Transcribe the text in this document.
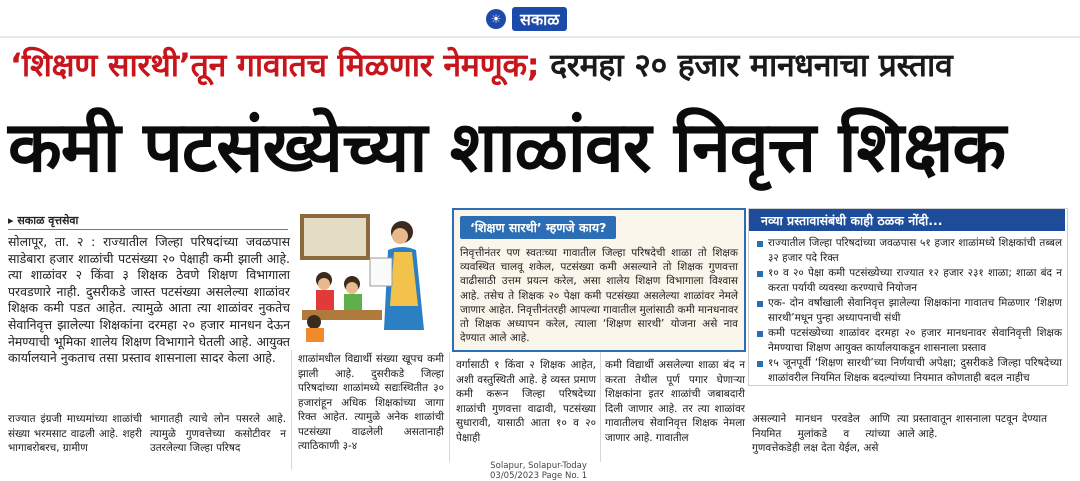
☀	सकाळ
‘शिक्षण सारथी’तून गावातच मिळणार नेमणूक; दरमहा २० हजार मानधनाचा प्रस्ताव
कमी पटसंख्येच्या शाळांवर निवृत्त शिक्षक
▸ सकाळ वृत्तसेवा
सोलापूर, ता. २ : राज्यातील जिल्हा परिषदांच्या जवळपास साडेबारा हजार शाळांची पटसंख्या २० पेक्षाही कमी झाली आहे. त्या शाळांवर २ किंवा ३ शिक्षक ठेवणे शिक्षण विभागाला परवडणारे नाही. दुसरीकडे जास्त पटसंख्या असलेल्या शाळांवर शिक्षक कमी पडत आहेत. त्यामुळे आता त्या शाळांवर नुकतेच सेवानिवृत्त झालेल्या शिक्षकांना दरमहा २० हजार मानधन देऊन नेमण्याची भूमिका शालेय शिक्षण विभागाने घेतली आहे. आयुक्त कार्यालयाने नुकताच तसा प्रस्ताव शासनाला सादर केला आहे.
‘शिक्षण सारथी’ म्हणजे काय?
निवृत्तीनंतर पण स्वतःच्या गावातील जिल्हा परिषदेची शाळा तो शिक्षक व्यवस्थित चालवू शकेल, पटसंख्या कमी असल्याने तो शिक्षक गुणवत्ता वाढीसाठी उत्तम प्रयत्न करेल, असा शालेय शिक्षण विभागाला विश्वास आहे. तसेच ते शिक्षक २० पेक्षा कमी पटसंख्या असलेल्या शाळांवर नेमले जाणार आहेत. निवृत्तीनंतरही आपल्या गावातील मुलांसाठी कमी मानधनावर तो शिक्षक अध्यापन करेल, त्याला ‘शिक्षण सारथी’ योजना असे नाव देण्यात आले आहे.
नव्या प्रस्तावासंबंधी काही ठळक नोंदी...
राज्यातील जिल्हा परिषदांच्या जवळपास ५१ हजार शाळांमध्ये शिक्षकांची तब्बल ३२ हजार पदे रिक्त
१० व २० पेक्षा कमी पटसंख्येच्या राज्यात १२ हजार २३१ शाळा; शाळा बंद न करता पर्यायी व्यवस्था करण्याचे नियोजन
एक- दोन वर्षांखाली सेवानिवृत्त झालेल्या शिक्षकांना गावातच मिळणार ‘शिक्षण सारथी’मधून पुन्हा अध्यापनाची संधी
कमी पटसंख्येच्या शाळांवर दरमहा २० हजार मानधनावर सेवानिवृत्ती शिक्षक नेमण्याचा शिक्षण आयुक्त कार्यालयाकडून शासनाला प्रस्ताव
१५ जूनपूर्वी ‘शिक्षण सारथी’च्या निर्णयाची अपेक्षा; दुसरीकडे जिल्हा परिषदेच्या शाळांवरील नियमित शिक्षक बदल्यांच्या नियमात कोणताही बदल नाहीच
राज्यात इंग्रजी माध्यमांच्या शाळांची संख्या भरमसाट वाढली आहे. शहरी भागाबरोबरच, ग्रामीण
भागातही त्याचे लोन पसरले आहे. त्यामुळे गुणवत्तेच्या कसोटीवर न उतरलेल्या जिल्हा परिषद
शाळांमधील विद्यार्थी संख्या खूपच कमी झाली आहे. दुसरीकडे जिल्हा परिषदांच्या शाळांमध्ये सद्यःस्थितीत ३० हजारांहून अधिक शिक्षकांच्या जागा रिक्त आहेत. त्यामुळे अनेक शाळांची पटसंख्या वाढलेली असतानाही त्याठिकाणी ३-४
वर्गासाठी १ किंवा २ शिक्षक आहेत, अशी वस्तुस्थिती आहे. हे व्यस्त प्रमाण कमी करून जिल्हा परिषदेच्या शाळांची गुणवत्ता वाढावी, पटसंख्या सुधारावी, यासाठी आता १० व २० पेक्षाही
कमी विद्यार्थी असलेल्या शाळा बंद न करता तेथील पूर्ण पगार घेणाऱ्या शिक्षकांना इतर शाळांची जबाबदारी दिली जाणार आहे. तर त्या शाळांवर गावातीलच सेवानिवृत्त शिक्षक नेमला जाणार आहे. गावातील
असल्याने मानधन परवडेल आणि नियमित मुलांकडे व त्यांच्या गुणवत्तेकडेही लक्ष देता येईल, असे
त्या प्रस्तावातून शासनाला पटवून देण्यात आले आहे.
Solapur, Solapur-Today
03/05/2023 Page No. 1
